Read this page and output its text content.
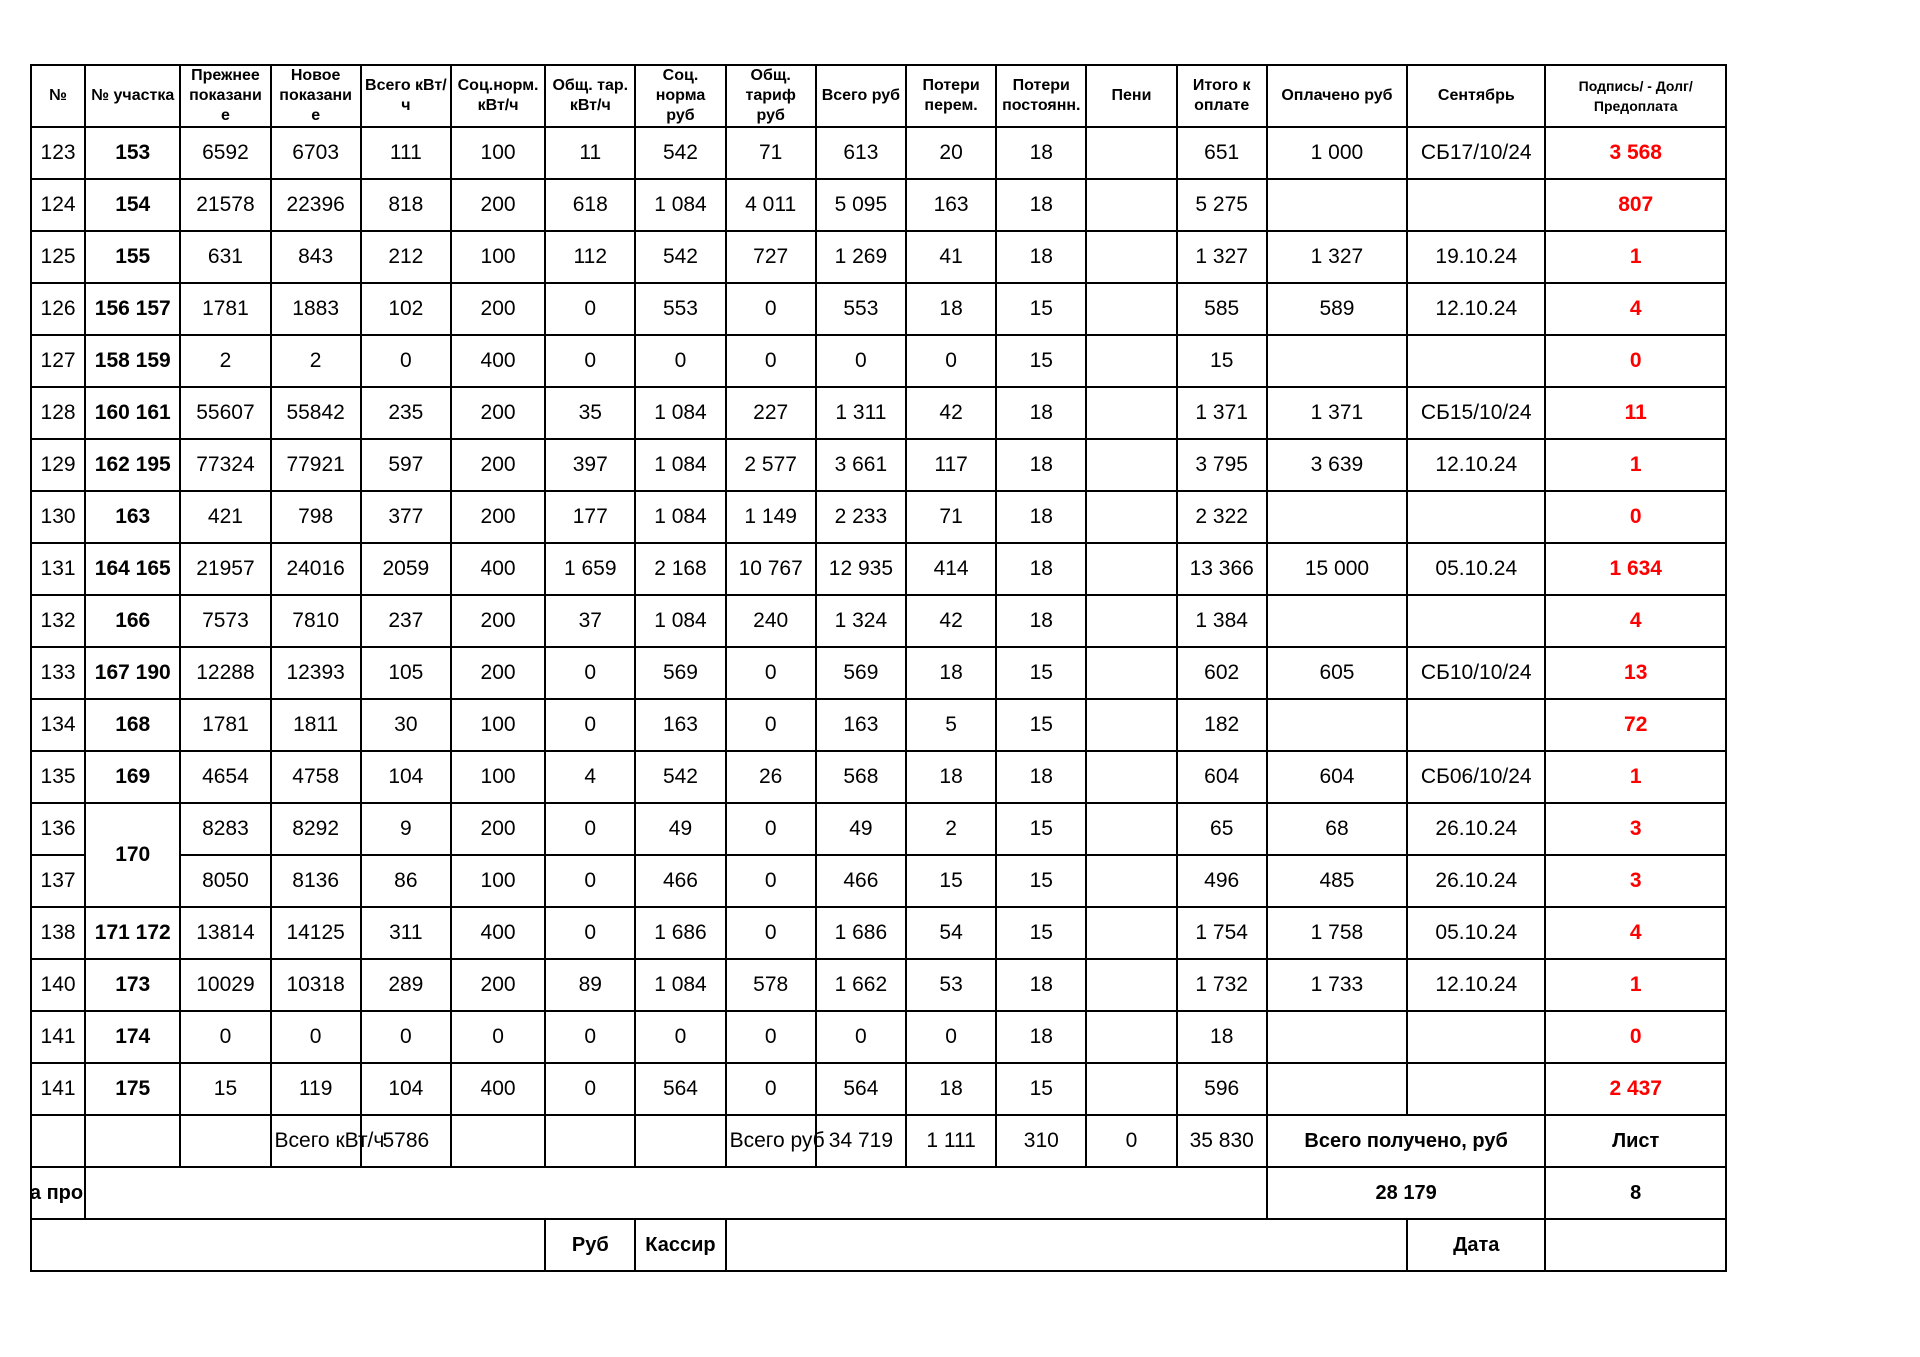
№	№ участка	Прежнее показани е	Новое показани е	Всего кВт/ч	Соц.норм. кВт/ч	Общ. тар. кВт/ч	Соц. норма руб	Общ. тариф руб	Всего руб	Потери перем.	Потери постоянн.	Пени	Итого к оплате	Оплачено руб	Сентябрь	Подпись/ - Долг/Предоплата
123	153	6592	6703	111	100	11	542	71	613	20	18		651	1 000	СБ17/10/24	3 568
124	154	21578	22396	818	200	618	1 084	4 011	5 095	163	18		5 275			807
125	155	631	843	212	100	112	542	727	1 269	41	18		1 327	1 327	19.10.24	1
126	156 157	1781	1883	102	200	0	553	0	553	18	15		585	589	12.10.24	4
127	158 159	2	2	0	400	0	0	0	0	0	15		15			0
128	160 161	55607	55842	235	200	35	1 084	227	1 311	42	18		1 371	1 371	СБ15/10/24	11
129	162 195	77324	77921	597	200	397	1 084	2 577	3 661	117	18		3 795	3 639	12.10.24	1
130	163	421	798	377	200	177	1 084	1 149	2 233	71	18		2 322			0
131	164 165	21957	24016	2059	400	1 659	2 168	10 767	12 935	414	18		13 366	15 000	05.10.24	1 634
132	166	7573	7810	237	200	37	1 084	240	1 324	42	18		1 384			4
133	167 190	12288	12393	105	200	0	569	0	569	18	15		602	605	СБ10/10/24	13
134	168	1781	1811	30	100	0	163	0	163	5	15		182			72
135	169	4654	4758	104	100	4	542	26	568	18	18		604	604	СБ06/10/24	1
136	170	8283	8292	9	200	0	49	0	49	2	15		65	68	26.10.24	3
137		8050	8136	86	100	0	466	0	466	15	15		496	485	26.10.24	3
138	171 172	13814	14125	311	400	0	1 686	0	1 686	54	15		1 754	1 758	05.10.24	4
140	173	10029	10318	289	200	89	1 084	578	1 662	53	18		1 732	1 733	12.10.24	1
141	174	0	0	0	0	0	0	0	0	0	18		18			0
141	175	15	119	104	400	0	564	0	564	18	15		596			2 437
			Всего кВт/ч	5786				Всего руб	34 719	1 111	310	0	35 830	Всего получено, руб		Лист
а про														28 179		8
						Руб	Кассир								Дата	
